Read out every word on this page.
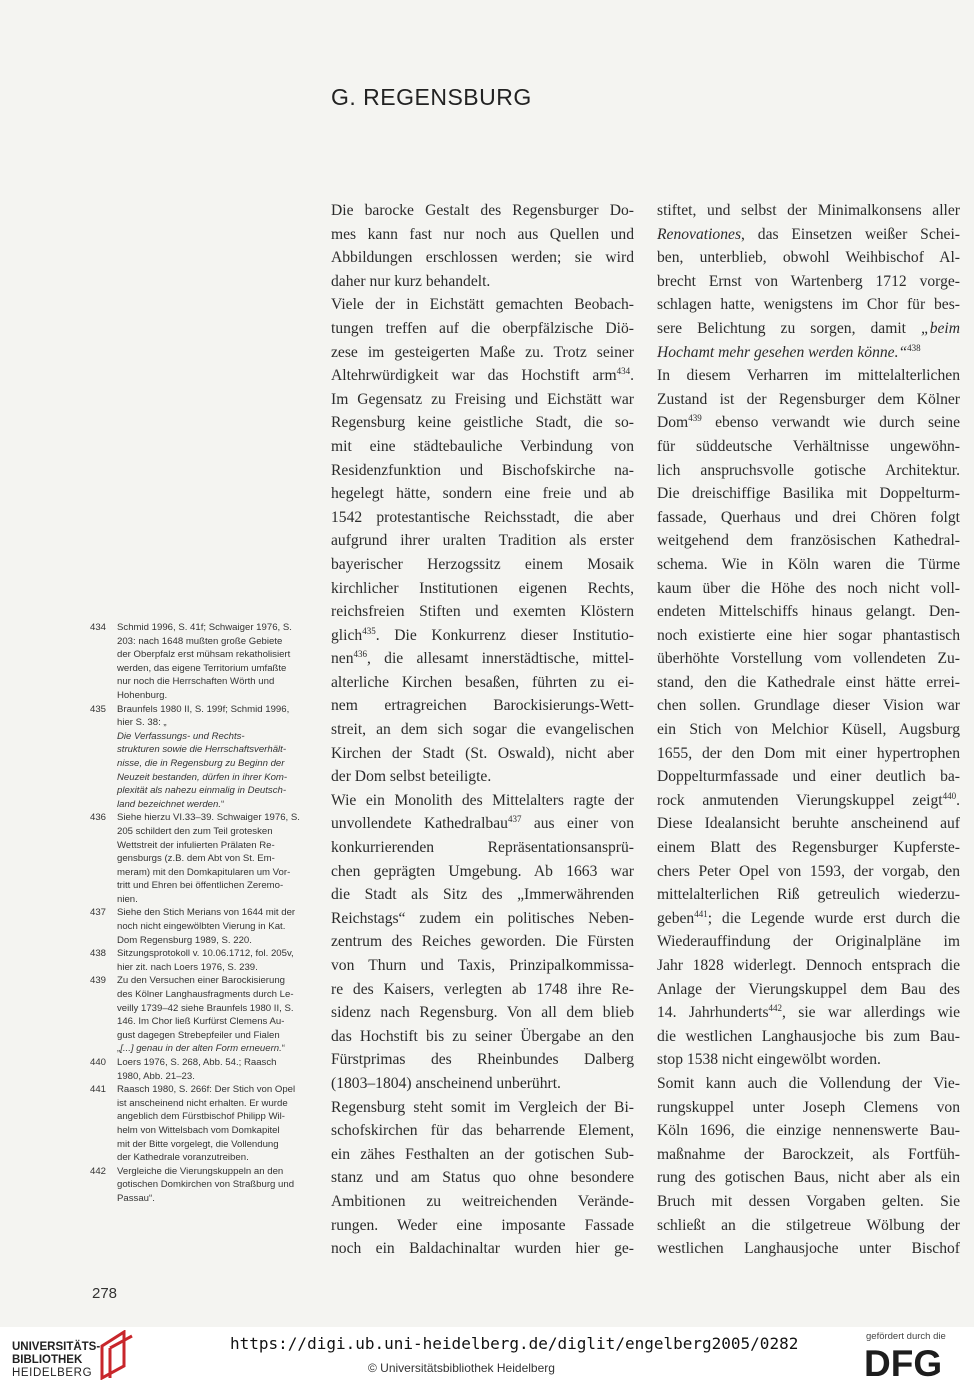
G. REGENSBURG
Die barocke Gestalt des Regensburger Do-
mes kann fast nur noch aus Quellen und
Abbildungen erschlossen werden; sie wird
daher nur kurz behandelt.
Viele der in Eichstätt gemachten Beobach-
tungen treffen auf die oberpfälzische Diö-
zese im gesteigerten Maße zu. Trotz seiner
Altehrwürdigkeit war das Hochstift arm$^{434}$.
Im Gegensatz zu Freising und Eichstätt war
Regensburg keine geistliche Stadt, die so-
mit eine städtebauliche Verbindung von
Residenzfunktion und Bischofskirche na-
hegelegt hätte, sondern eine freie und ab
1542 protestantische Reichsstadt, die aber
aufgrund ihrer uralten Tradition als erster
bayerischer Herzogssitz einem Mosaik
kirchlicher Institutionen eigenen Rechts,
reichsfreien Stiften und exemten Klöstern
glich$^{435}$. Die Konkurrenz dieser Institutio-
nen$^{436}$, die allesamt innerstädtische, mittel-
alterliche Kirchen besaßen, führten zu ei-
nem ertragreichen Barockisierungs-Wett-
streit, an dem sich sogar die evangelischen
Kirchen der Stadt (St. Oswald), nicht aber
der Dom selbst beteiligte.
Wie ein Monolith des Mittelalters ragte der
unvollendete Kathedralbau$^{437}$ aus einer von
konkurrierenden Repräsentationsansprü-
chen geprägten Umgebung. Ab 1663 war
die Stadt als Sitz des „Immerwährenden
Reichstags“ zudem ein politisches Neben-
zentrum des Reiches geworden. Die Fürsten
von Thurn und Taxis, Prinzipalkommissa-
re des Kaisers, verlegten ab 1748 ihre Re-
sidenz nach Regensburg. Von all dem blieb
das Hochstift bis zu seiner Übergabe an den
Fürstprimas des Rheinbundes Dalberg
(1803–1804) anscheinend unberührt.
Regensburg steht somit im Vergleich der Bi-
schofskirchen für das beharrende Element,
ein zähes Festhalten an der gotischen Sub-
stanz und am Status quo ohne besondere
Ambitionen zu weitreichenden Verände-
rungen. Weder eine imposante Fassade
noch ein Baldachinaltar wurden hier ge-
stiftet, und selbst der Minimalkonsens aller
Renovationes, das Einsetzen weißer Schei-
ben, unterblieb, obwohl Weihbischof Al-
brecht Ernst von Wartenberg 1712 vorge-
schlagen hatte, wenigstens im Chor für bes-
sere Belichtung zu sorgen, damit „beim
Hochamt mehr gesehen werden könne.“$^{438}$
In diesem Verharren im mittelalterlichen
Zustand ist der Regensburger dem Kölner
Dom$^{439}$ ebenso verwandt wie durch seine
für süddeutsche Verhältnisse ungewöhn-
lich anspruchsvolle gotische Architektur.
Die dreischiffige Basilika mit Doppelturm-
fassade, Querhaus und drei Chören folgt
weitgehend dem französischen Kathedral-
schema. Wie in Köln waren die Türme
kaum über die Höhe des noch nicht voll-
endeten Mittelschiffs hinaus gelangt. Den-
noch existierte eine hier sogar phantastisch
überhöhte Vorstellung vom vollendeten Zu-
stand, den die Kathedrale einst hätte errei-
chen sollen. Grundlage dieser Vision war
ein Stich von Melchior Küsell, Augsburg
1655, der den Dom mit einer hypertrophen
Doppelturmfassade und einer deutlich ba-
rock anmutenden Vierungskuppel zeigt$^{440}$.
Diese Idealansicht beruhte anscheinend auf
einem Blatt des Regensburger Kupferste-
chers Peter Opel von 1593, der vorgab, den
mittelalterlichen Riß getreulich wiederzu-
geben$^{441}$; die Legende wurde erst durch die
Wiederauffindung der Originalpläne im
Jahr 1828 widerlegt. Dennoch entsprach die
Anlage der Vierungskuppel dem Bau des
14. Jahrhunderts$^{442}$, sie war allerdings wie
die westlichen Langhausjoche bis zum Bau-
stop 1538 nicht eingewölbt worden.
Somit kann auch die Vollendung der Vie-
rungskuppel unter Joseph Clemens von
Köln 1696, die einzige nennenswerte Bau-
maßnahme der Barockzeit, als Fortfüh-
rung des gotischen Baus, nicht aber als ein
Bruch mit dessen Vorgaben gelten. Sie
schließt an die stilgetreue Wölbung der
westlichen Langhausjoche unter Bischof
434	Schmid 1996, S. 41f; Schwaiger 1976, S.
203: nach 1648 mußten große Gebiete
der Oberpfalz erst mühsam rekatholisiert
werden, das eigene Territorium umfaßte
nur noch die Herrschaften Wörth und
Hohenburg.
435	Braunfels 1980 II, S. 199f; Schmid 1996,
hier S. 38: „
Die Verfassungs- und Rechts-
strukturen sowie die Herrschaftsverhält-
nisse, die in Regensburg zu Beginn der
Neuzeit bestanden, dürfen in ihrer Kom-
plexität als nahezu einmalig in Deutsch-
land bezeichnet werden.“
436	Siehe hierzu VI.33–39. Schwaiger 1976, S.
205 schildert den zum Teil grotesken
Wettstreit der infulierten Prälaten Re-
gensburgs (z.B. dem Abt von St. Em-
meram) mit den Domkapitularen um Vor-
tritt und Ehren bei öffentlichen Zeremo-
nien.
437	Siehe den Stich Merians von 1644 mit der
noch nicht eingewölbten Vierung in Kat.
Dom Regensburg 1989, S. 220.
438	Sitzungsprotokoll v. 10.06.1712, fol. 205v,
hier zit. nach Loers 1976, S. 239.
439	Zu den Versuchen einer Barockisierung
des Kölner Langhausfragments durch Le-
veilly 1739–42 siehe Braunfels 1980 II, S.
146. Im Chor ließ Kurfürst Clemens Au-
gust dagegen Strebepfeiler und Fialen
„[...] genau in der alten Form erneuern.“
440	Loers 1976, S. 268, Abb. 54.; Raasch
1980, Abb. 21–23.
441	Raasch 1980, S. 266f: Der Stich von Opel
ist anscheinend nicht erhalten. Er wurde
angeblich dem Fürstbischof Philipp Wil-
helm von Wittelsbach vom Domkapitel
mit der Bitte vorgelegt, die Vollendung
der Kathedrale voranzutreiben.
442	Vergleiche die Vierungskuppeln an den
gotischen Domkirchen von Straßburg und
Passau“.
278
UNIVERSITÄTS-
BIBLIOTHEK
HEIDELBERG
https://digi.ub.uni-heidelberg.de/diglit/engelberg2005/0282
© Universitätsbibliothek Heidelberg
gefördert durch die
DFG
